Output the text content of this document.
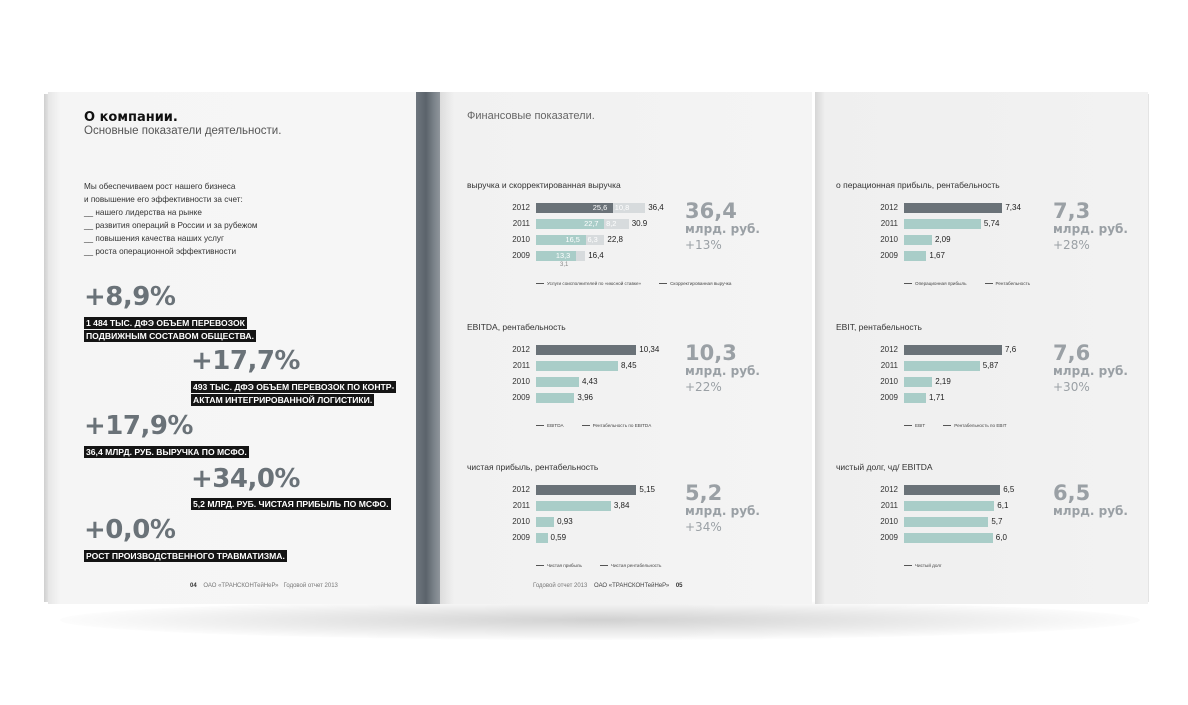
О компании.
Основные показатели деятельности.
Мы обеспечиваем рост нашего бизнеса
и повышение его эффективности за счет:
__ нашего лидерства на рынке
__ развития операций в России и за рубежом
__ повышения качества наших услуг
__ роста операционной эффективности
+8,9%
1 484 ТЫС. ДФЭ ОБЪЕМ ПЕРЕВОЗОК
ПОДВИЖНЫМ СОСТАВОМ ОБЩЕСТВА.
+17,7%
493 ТЫС. ДФЭ ОБЪЕМ ПЕРЕВОЗОК ПО КОНТР-
АКТАМ ИНТЕГРИРОВАННОЙ ЛОГИСТИКИ.
+17,9%
36,4 МЛРД. РУБ. ВЫРУЧКА ПО МСФО.
+34,0%
5,2 МЛРД. РУБ. ЧИСТАЯ ПРИБЫЛЬ ПО МСФО.
+0,0%
РОСТ ПРОИЗВОДСТВЕННОГО ТРАВМАТИЗМА.
04 ОАО «ТРАНСКОНТейНеР» Годовой отчет 2013
Финансовые показатели.
Годовой отчет 2013 ОАО «ТРАНСКОНТейНеР» 05
выручка и скорректированная выручка
2012	25,6 10,8 36,4
2011	22,7 8,2 30.9
2010	16,5 6,3 22,8
2009	13,3 16,4
3,1
Услуги соисполнителей по «июсной ставке»	Скорректированная выручка
36,4
млрд. руб.
+13%
EBITDA, рентабельность
2012	10,34
2011	8,45
2010	4,43
2009	3,96
EBITDA	Рентабельность по EBITDA
10,3
млрд. руб.
+22%
чистая прибыль, рентабельность
2012	5,15
2011	3,84
2010	0,93
2009	0,59
Чистая прибыль	Чистая рентабельность
5,2
млрд. руб.
+34%
о перационная прибыль, рентабельность
2012	7,34
2011	5,74
2010	2,09
2009	1,67
Операционная прибыль	Рентабельность
7,3
млрд. руб.
+28%
EBIT, рентабельность
2012	7,6
2011	5,87
2010	2,19
2009	1,71
EBIT	Рентабельность по EBIT
7,6
млрд. руб.
+30%
чистый долг, чд/ EBITDA
2012	6,5
2011	6,1
2010	5,7
2009	6,0
Чистый долг
6,5
млрд. руб.
